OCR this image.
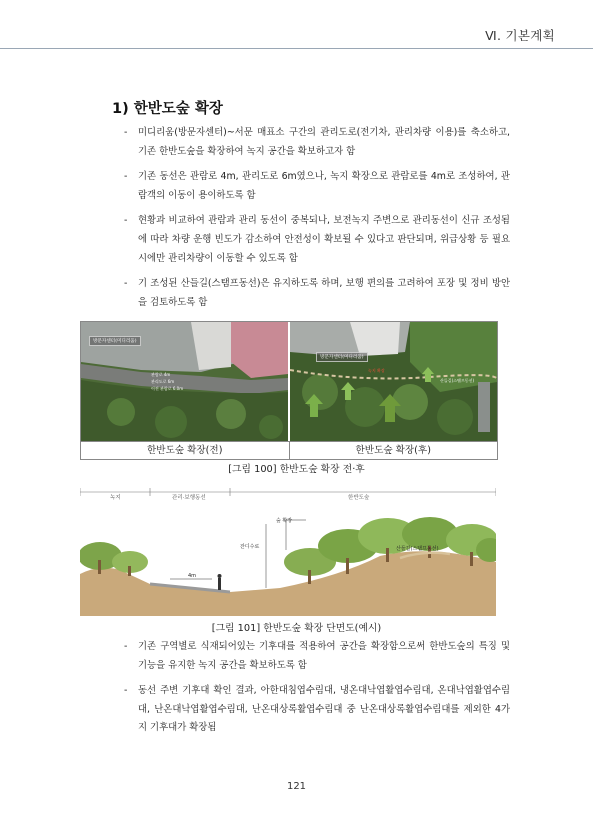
Ⅵ. 기본계획
1) 한반도숲 확장
- 미디리움(방문자센터)~서문 매표소 구간의 관리도로(전기차, 관리차량 이용)를 축소하고, 기존 한반도숲을 확장하여 녹지 공간을 확보하고자 함
- 기존 동선은 관람로 4m, 관리도로 6m였으나, 녹지 확장으로 관람로를 4m로 조성하여, 관람객의 이동이 용이하도록 함
- 현황과 비교하여 관람과 관리 동선이 중복되나, 보전녹지 주변으로 관리동선이 신규 조성됨에 따라 차량 운행 빈도가 감소하여 안전성이 확보될 수 있다고 판단되며, 위급상황 등 필요시에만 관리차량이 이동할 수 있도록 함
- 기 조성된 산들길(스탬프동선)은 유지하도록 하며, 보행 편의를 고려하여 포장 및 정비 방안을 검토하도록 함
방문자센터(미디리움)
관람로 4m
관리도로 6m
이전 관람로 6.0m
방문자센터(미디리움)
녹지 확장
산들길(스탬프동선)
한반도숲 확장(전)	한반도숲 확장(후)
[그림 100] 한반도숲 확장 전·후
녹지	관리·보행동선	한반도숲
숲 확장
잔디수로
4m
산들길(스탬프동선)
[그림 101] 한반도숲 확장 단면도(예시)
- 기존 구역별로 식재되어있는 기후대를 적용하여 공간을 확장함으로써 한반도숲의 특징 및 기능을 유지한 녹지 공간을 확보하도록 함
- 동선 주변 기후대 확인 결과, 아한대침엽수림대, 냉온대낙엽활엽수림대, 온대낙엽활엽수림대, 난온대낙엽활엽수림대, 난온대상록활엽수림대 중 난온대상록활엽수림대를 제외한 4가지 기후대가 확장됨
121
